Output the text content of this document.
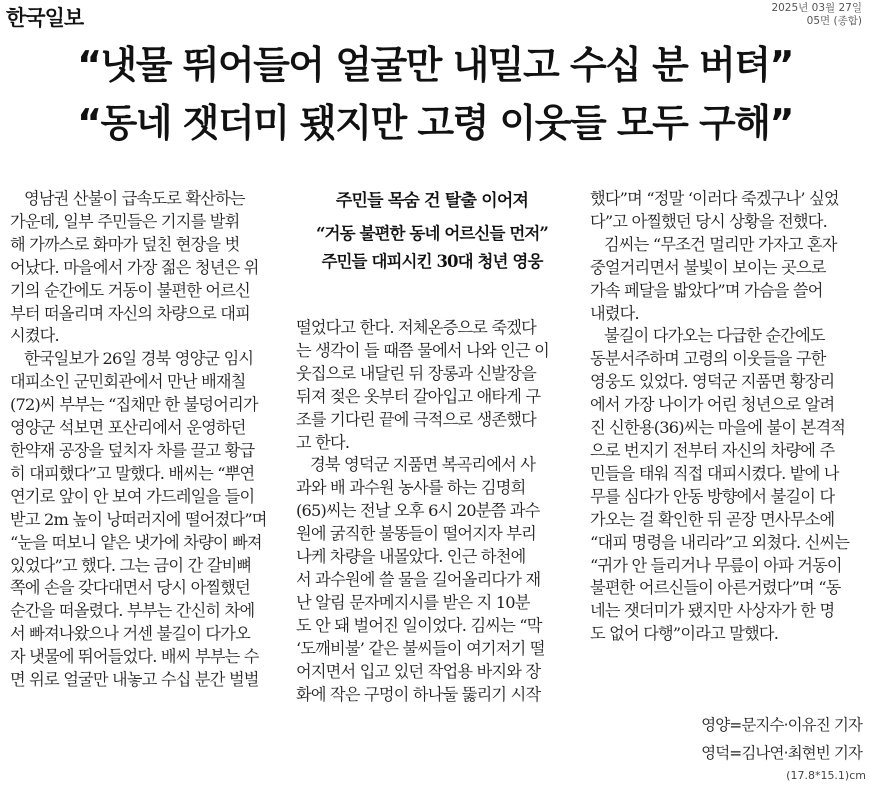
한국일보	2025년 03월 27일
05면 (종합)
“냇물 뛰어들어 얼굴만 내밀고 수십 분 버텨”
“동네 잿더미 됐지만 고령 이웃들 모두 구해”
영남권 산불이 급속도로 확산하는
가운데, 일부 주민들은 기지를 발휘
해 가까스로 화마가 덮친 현장을 벗
어났다. 마을에서 가장 젊은 청년은 위
기의 순간에도 거동이 불편한 어르신
부터 떠올리며 자신의 차량으로 대피
시켰다.
한국일보가 26일 경북 영양군 임시
대피소인 군민회관에서 만난 배재칠
(72)씨 부부는 “집채만 한 불덩어리가
영양군 석보면 포산리에서 운영하던
한약재 공장을 덮치자 차를 끌고 황급
히 대피했다”고 말했다. 배씨는 “뿌연
연기로 앞이 안 보여 가드레일을 들이
받고 2m 높이 낭떠러지에 떨어졌다”며
“눈을 떠보니 얕은 냇가에 차량이 빠져
있었다”고 했다. 그는 금이 간 갈비뼈
쪽에 손을 갖다대면서 당시 아찔했던
순간을 떠올렸다. 부부는 간신히 차에
서 빠져나왔으나 거센 불길이 다가오
자 냇물에 뛰어들었다. 배씨 부부는 수
면 위로 얼굴만 내놓고 수십 분간 벌벌
주민들 목숨 건 탈출 이어져
“거동 불편한 동네 어르신들 먼저”
주민들 대피시킨 30대 청년 영웅
떨었다고 한다. 저체온증으로 죽겠다
는 생각이 들 때쯤 물에서 나와 인근 이
웃집으로 내달린 뒤 장롱과 신발장을
뒤져 젖은 옷부터 갈아입고 애타게 구
조를 기다린 끝에 극적으로 생존했다
고 한다.
경북 영덕군 지품면 복곡리에서 사
과와 배 과수원 농사를 하는 김명희
(65)씨는 전날 오후 6시 20분쯤 과수
원에 굵직한 불똥들이 떨어지자 부리
나케 차량을 내몰았다. 인근 하천에
서 과수원에 쓸 물을 길어올리다가 재
난 알림 문자메지시를 받은 지 10분
도 안 돼 벌어진 일이었다. 김씨는 “막
‘도깨비불’ 같은 불씨들이 여기저기 떨
어지면서 입고 있던 작업용 바지와 장
화에 작은 구멍이 하나둘 뚫리기 시작
했다”며 “정말 ‘이러다 죽겠구나’ 싶었
다”고 아찔했던 당시 상황을 전했다.
김씨는 “무조건 멀리만 가자고 혼자
중얼거리면서 불빛이 보이는 곳으로
가속 페달을 밟았다”며 가슴을 쓸어
내렸다.
불길이 다가오는 다급한 순간에도
동분서주하며 고령의 이웃들을 구한
영웅도 있었다. 영덕군 지품면 황장리
에서 가장 나이가 어린 청년으로 알려
진 신한용(36)씨는 마을에 불이 본격적
으로 번지기 전부터 자신의 차량에 주
민들을 태워 직접 대피시켰다. 밭에 나
무를 심다가 안동 방향에서 불길이 다
가오는 걸 확인한 뒤 곧장 면사무소에
“대피 명령을 내리라”고 외쳤다. 신씨는
“귀가 안 들리거나 무릎이 아파 거동이
불편한 어르신들이 아른거렸다”며 “동
네는 잿더미가 됐지만 사상자가 한 명
도 없어 다행”이라고 말했다.
영양=문지수·이유진 기자
영덕=김나연·최현빈 기자
(17.8*15.1)cm
